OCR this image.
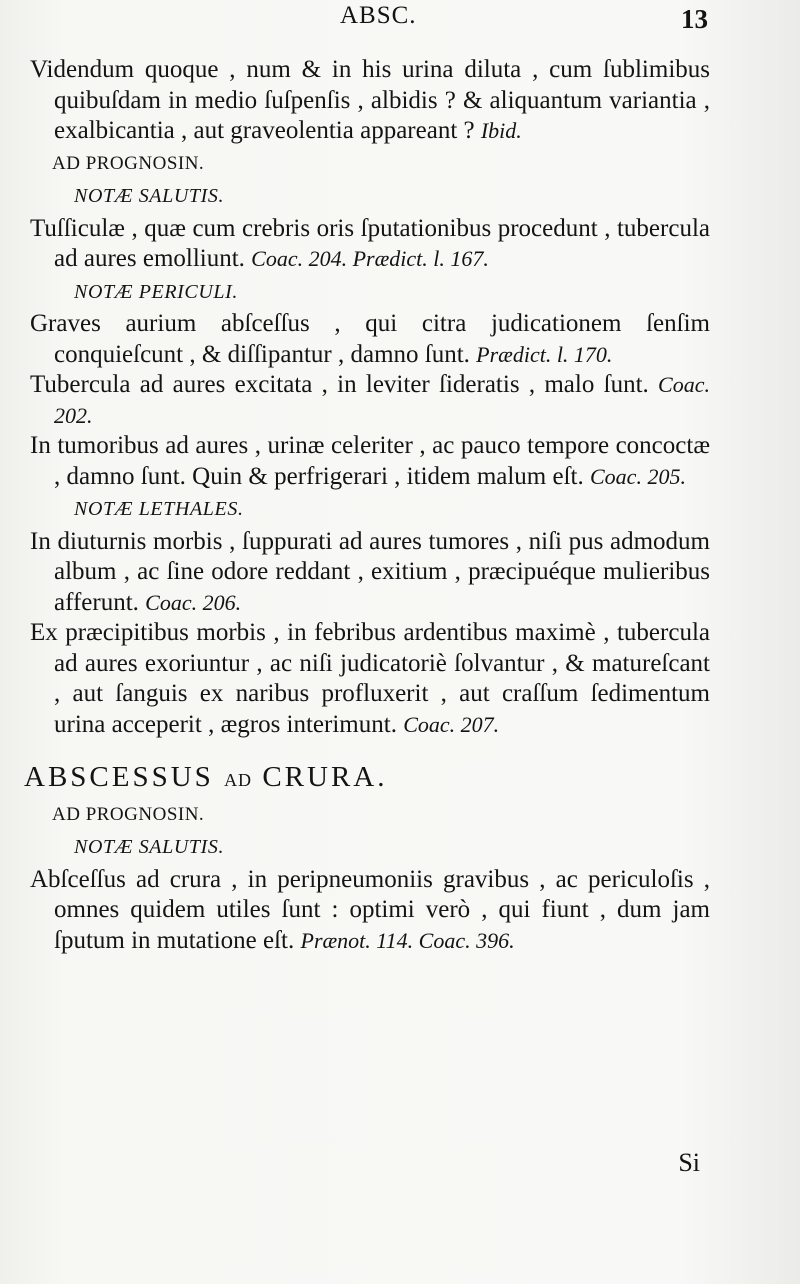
ABSC.	13

Videndum quoque , num & in his urina diluta , cum ſublimibus quibuſdam in medio ſuſpenſis , albidis ? & aliquantum variantia , exalbicantia , aut graveolentia appareant ? Ibid.

AD PROGNOSIN.
NOTÆ SALUTIS.

Tuſſiculæ , quæ cum crebris oris ſputationibus procedunt , tubercula ad aures emolliunt. Coac. 204. Prædict. l. 167.

NOTÆ PERICULI.

Graves aurium abſceſſus , qui citra judicationem ſenſim conquieſcunt , & diſſipantur , damno ſunt. Prædict. l. 170.

Tubercula ad aures excitata , in leviter ſideratis , malo ſunt. Coac. 202.

In tumoribus ad aures , urinæ celeriter , ac pauco tempore concoctæ , damno ſunt. Quin & perfrigerari , itidem malum eſt. Coac. 205.

NOTÆ LETHALES.

In diuturnis morbis , ſuppurati ad aures tumores , niſi pus admodum album , ac ſine odore reddant , exitium , præcipuéque mulieribus afferunt. Coac. 206.

Ex præcipitibus morbis , in febribus ardentibus maximè , tubercula ad aures exoriuntur , ac niſi judicatoriè ſolvantur , & matureſcant , aut ſanguis ex naribus profluxerit , aut craſſum ſedimentum urina acceperit , ægros interimunt. Coac. 207.

ABSCESSUS AD CRURA.
AD PROGNOSIN.
NOTÆ SALUTIS.

Abſceſſus ad crura , in peripneumoniis gravibus , ac periculoſis , omnes quidem utiles ſunt : optimi verò , qui fiunt , dum jam ſputum in mutatione eſt. Prænot. 114. Coac. 396.

Si
